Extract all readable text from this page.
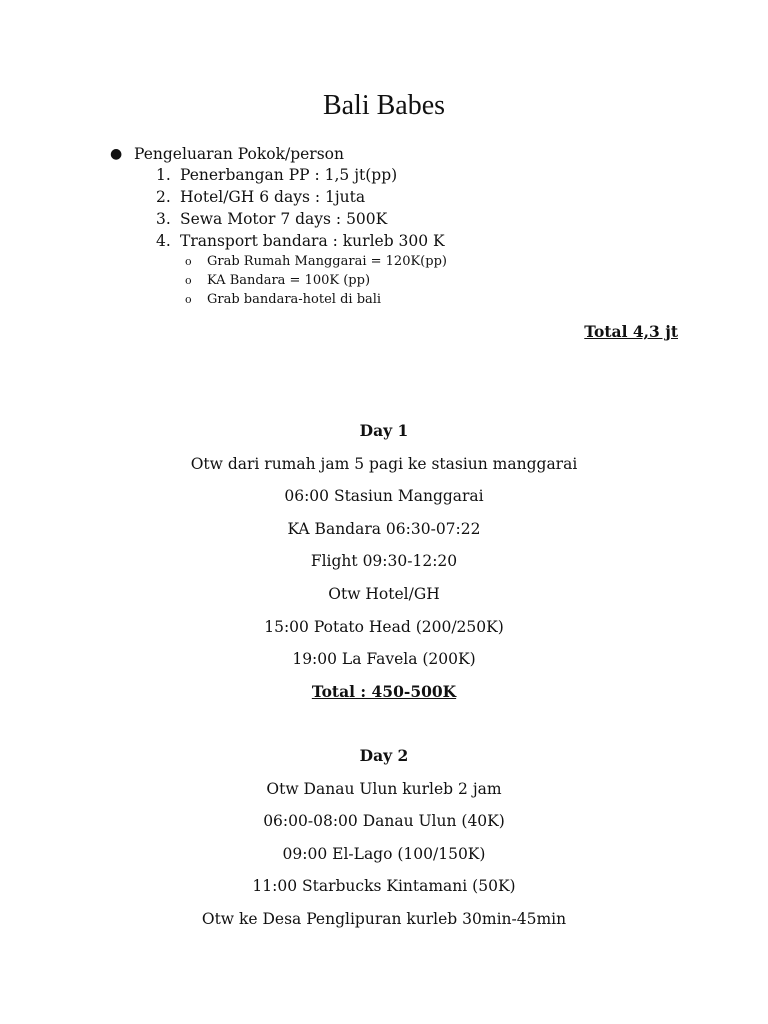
Bali Babes
● Pengeluaran Pokok/person
1. Penerbangan PP : 1,5 jt(pp)
2. Hotel/GH 6 days : 1juta
3. Sewa Motor 7 days : 500K
4. Transport bandara : kurleb 300 K
o	Grab Rumah Manggarai = 120K(pp)
o	KA Bandara = 100K (pp)
o	Grab bandara-hotel di bali
Total 4,3 jt
Day 1
Otw dari rumah jam 5 pagi ke stasiun manggarai
06:00 Stasiun Manggarai
KA Bandara 06:30-07:22
Flight 09:30-12:20
Otw Hotel/GH
15:00 Potato Head (200/250K)
19:00 La Favela (200K)
Total : 450-500K
Day 2
Otw Danau Ulun kurleb 2 jam
06:00-08:00 Danau Ulun (40K)
09:00 El-Lago (100/150K)
11:00 Starbucks Kintamani (50K)
Otw ke Desa Penglipuran kurleb 30min-45min
